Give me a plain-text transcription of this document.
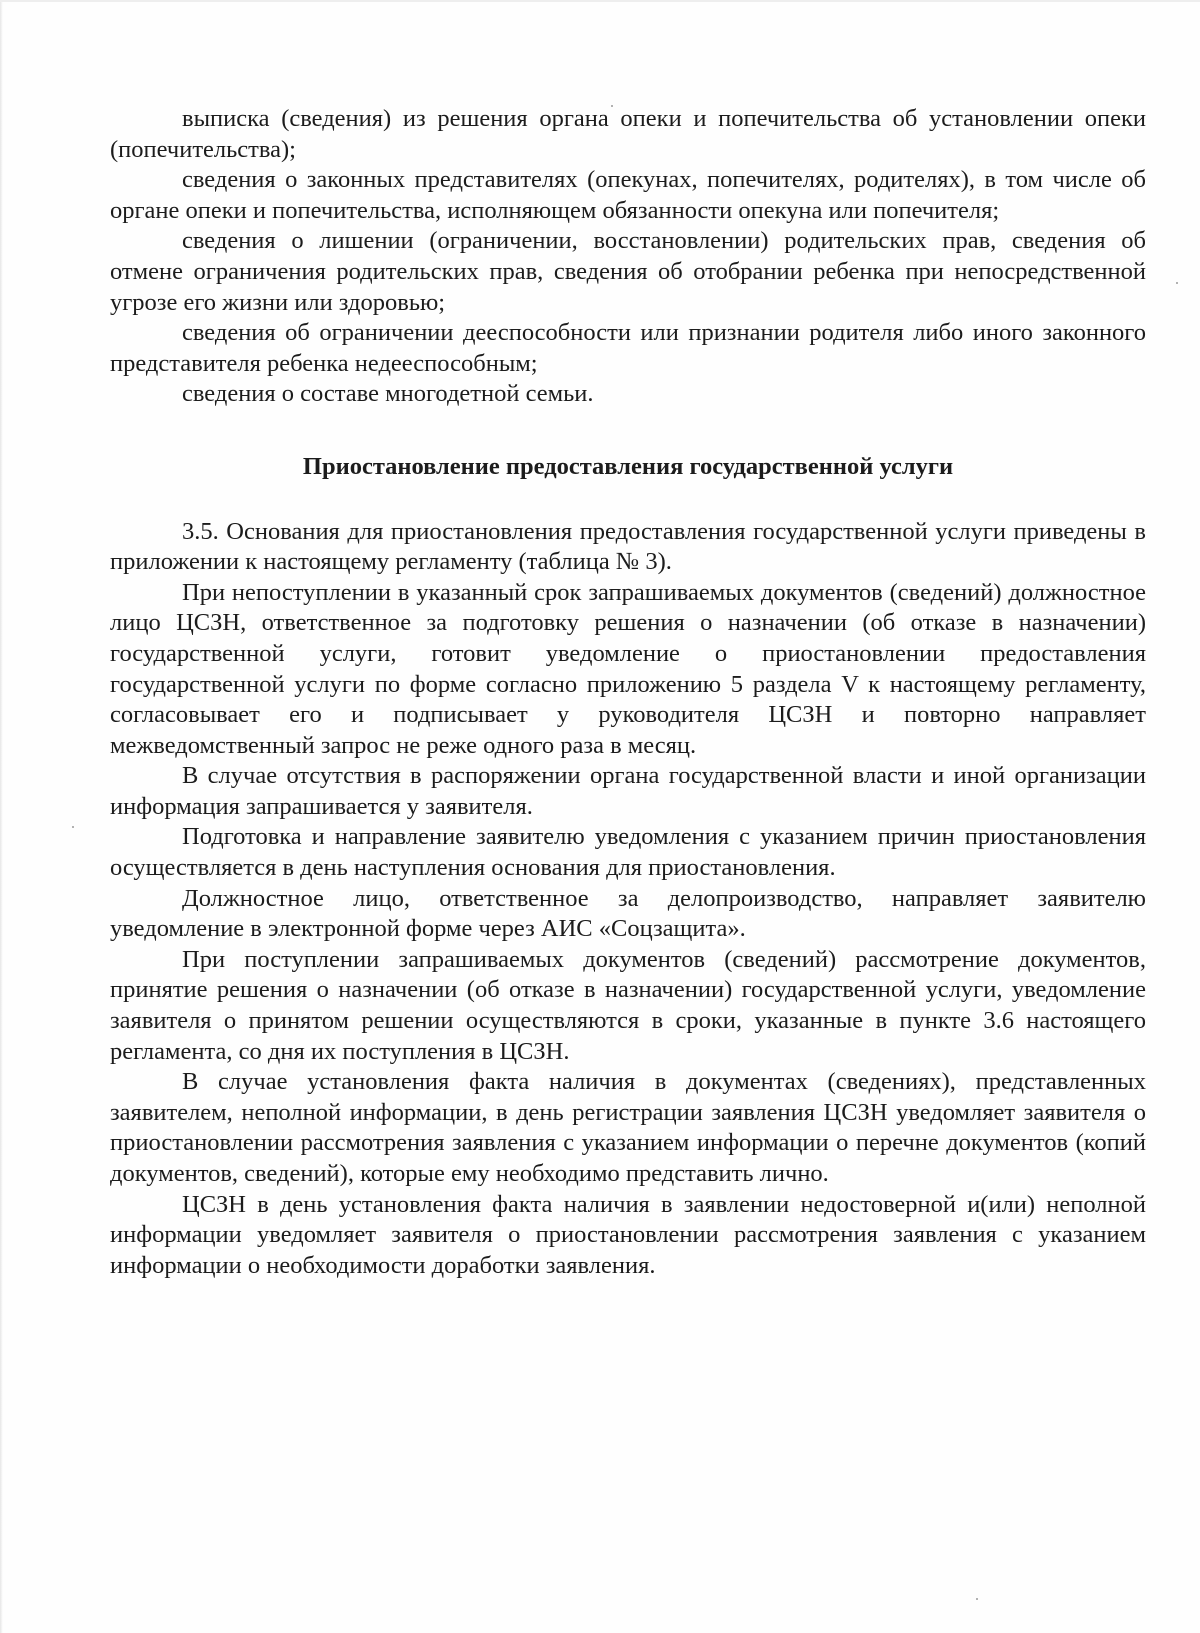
выписка (сведения) из решения органа опеки и попечительства об установлении опеки (попечительства);

сведения о законных представителях (опекунах, попечителях, родителях), в том числе об органе опеки и попечительства, исполняющем обязанности опекуна или попечителя;

сведения о лишении (ограничении, восстановлении) родительских прав, сведения об отмене ограничения родительских прав, сведения об отобрании ребенка при непосредственной угрозе его жизни или здоровью;

сведения об ограничении дееспособности или признании родителя либо иного законного представителя ребенка недееспособным;

сведения о составе многодетной семьи.

Приостановление предоставления государственной услуги

3.5. Основания для приостановления предоставления государственной услуги приведены в приложении к настоящему регламенту (таблица № 3).

При непоступлении в указанный срок запрашиваемых документов (сведений) должностное лицо ЦСЗН, ответственное за подготовку решения о назначении (об отказе в назначении) государственной услуги, готовит уведомление о приостановлении предоставления государственной услуги по форме согласно приложению 5 раздела V к настоящему регламенту, согласовывает его и подписывает у руководителя ЦСЗН и повторно направляет межведомственный запрос не реже одного раза в месяц.

В случае отсутствия в распоряжении органа государственной власти и иной организации информация запрашивается у заявителя.

Подготовка и направление заявителю уведомления с указанием причин приостановления осуществляется в день наступления основания для приостановления.

Должностное лицо, ответственное за делопроизводство, направляет заявителю уведомление в электронной форме через АИС «Соцзащита».

При поступлении запрашиваемых документов (сведений) рассмотрение документов, принятие решения о назначении (об отказе в назначении) государственной услуги, уведомление заявителя о принятом решении осуществляются в сроки, указанные в пункте 3.6 настоящего регламента, со дня их поступления в ЦСЗН.

В случае установления факта наличия в документах (сведениях), представленных заявителем, неполной информации, в день регистрации заявления ЦСЗН уведомляет заявителя о приостановлении рассмотрения заявления с указанием информации о перечне документов (копий документов, сведений), которые ему необходимо представить лично.

ЦСЗН в день установления факта наличия в заявлении недостоверной и(или) неполной информации уведомляет заявителя о приостановлении рассмотрения заявления с указанием информации о необходимости доработки заявления.
